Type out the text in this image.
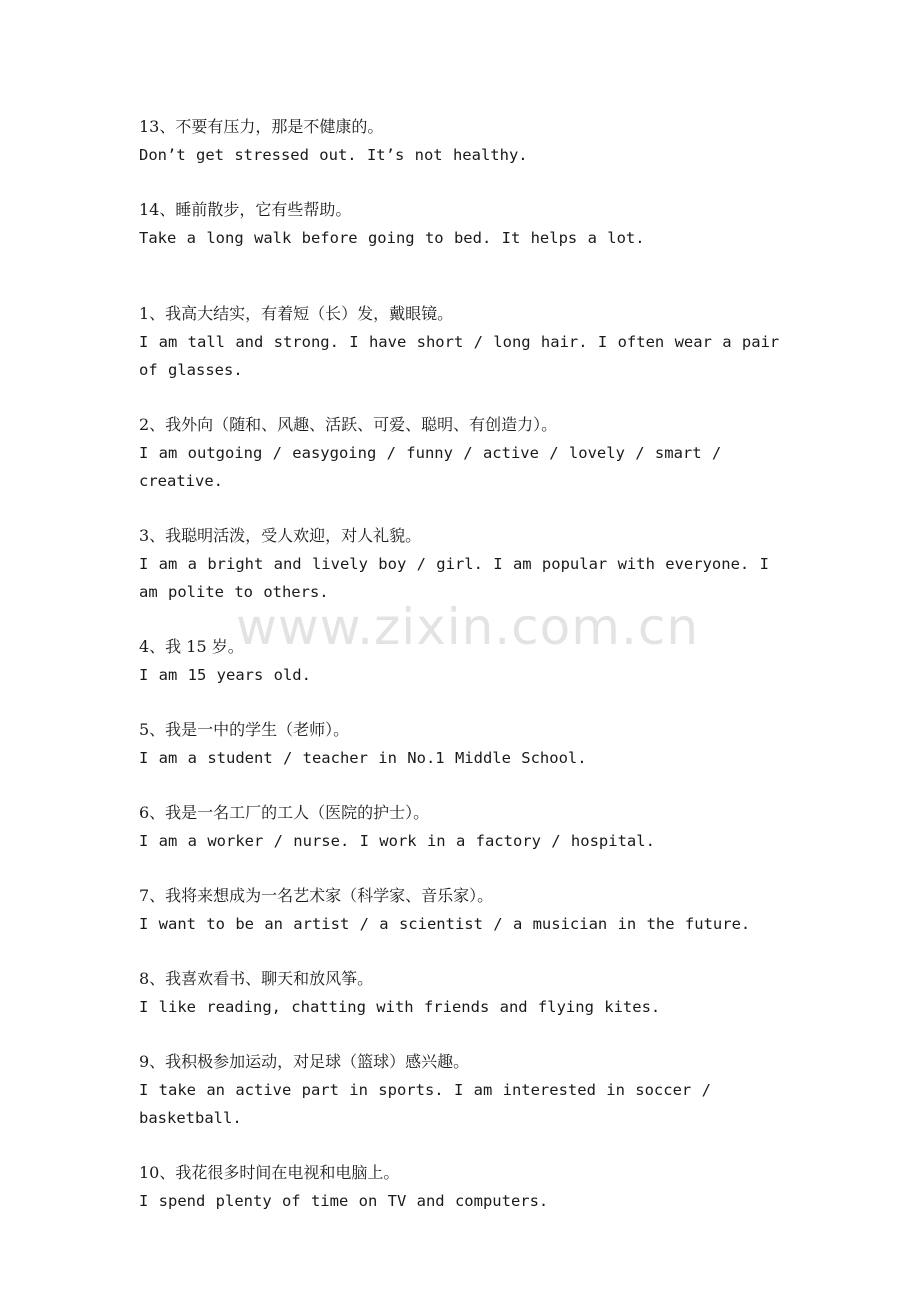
13、不要有压力，那是不健康的。

Don’t get stressed out. It’s not healthy.

14、睡前散步，它有些帮助。

Take a long walk before going to bed. It helps a lot.

1、我高大结实，有着短（长）发，戴眼镜。

I am tall and strong. I have short / long hair. I often wear a pair of glasses.

2、我外向（随和、风趣、活跃、可爱、聪明、有创造力）。

I am outgoing / easygoing / funny / active / lovely / smart / creative.

3、我聪明活泼，受人欢迎，对人礼貌。

I am a bright and lively boy / girl. I am popular with everyone. I am polite to others.

4、我 15 岁。

I am 15 years old.

5、我是一中的学生（老师）。

I am a student / teacher in No.1 Middle School.

6、我是一名工厂的工人（医院的护士）。

I am a worker / nurse. I work in a factory / hospital.

7、我将来想成为一名艺术家（科学家、音乐家）。

I want to be an artist / a scientist / a musician in the future.

8、我喜欢看书、聊天和放风筝。

I like reading, chatting with friends and flying kites.

9、我积极参加运动，对足球（篮球）感兴趣。

I take an active part in sports. I am interested in soccer / basketball.

10、我花很多时间在电视和电脑上。

I spend plenty of time on TV and computers.

www.zixin.com.cn
